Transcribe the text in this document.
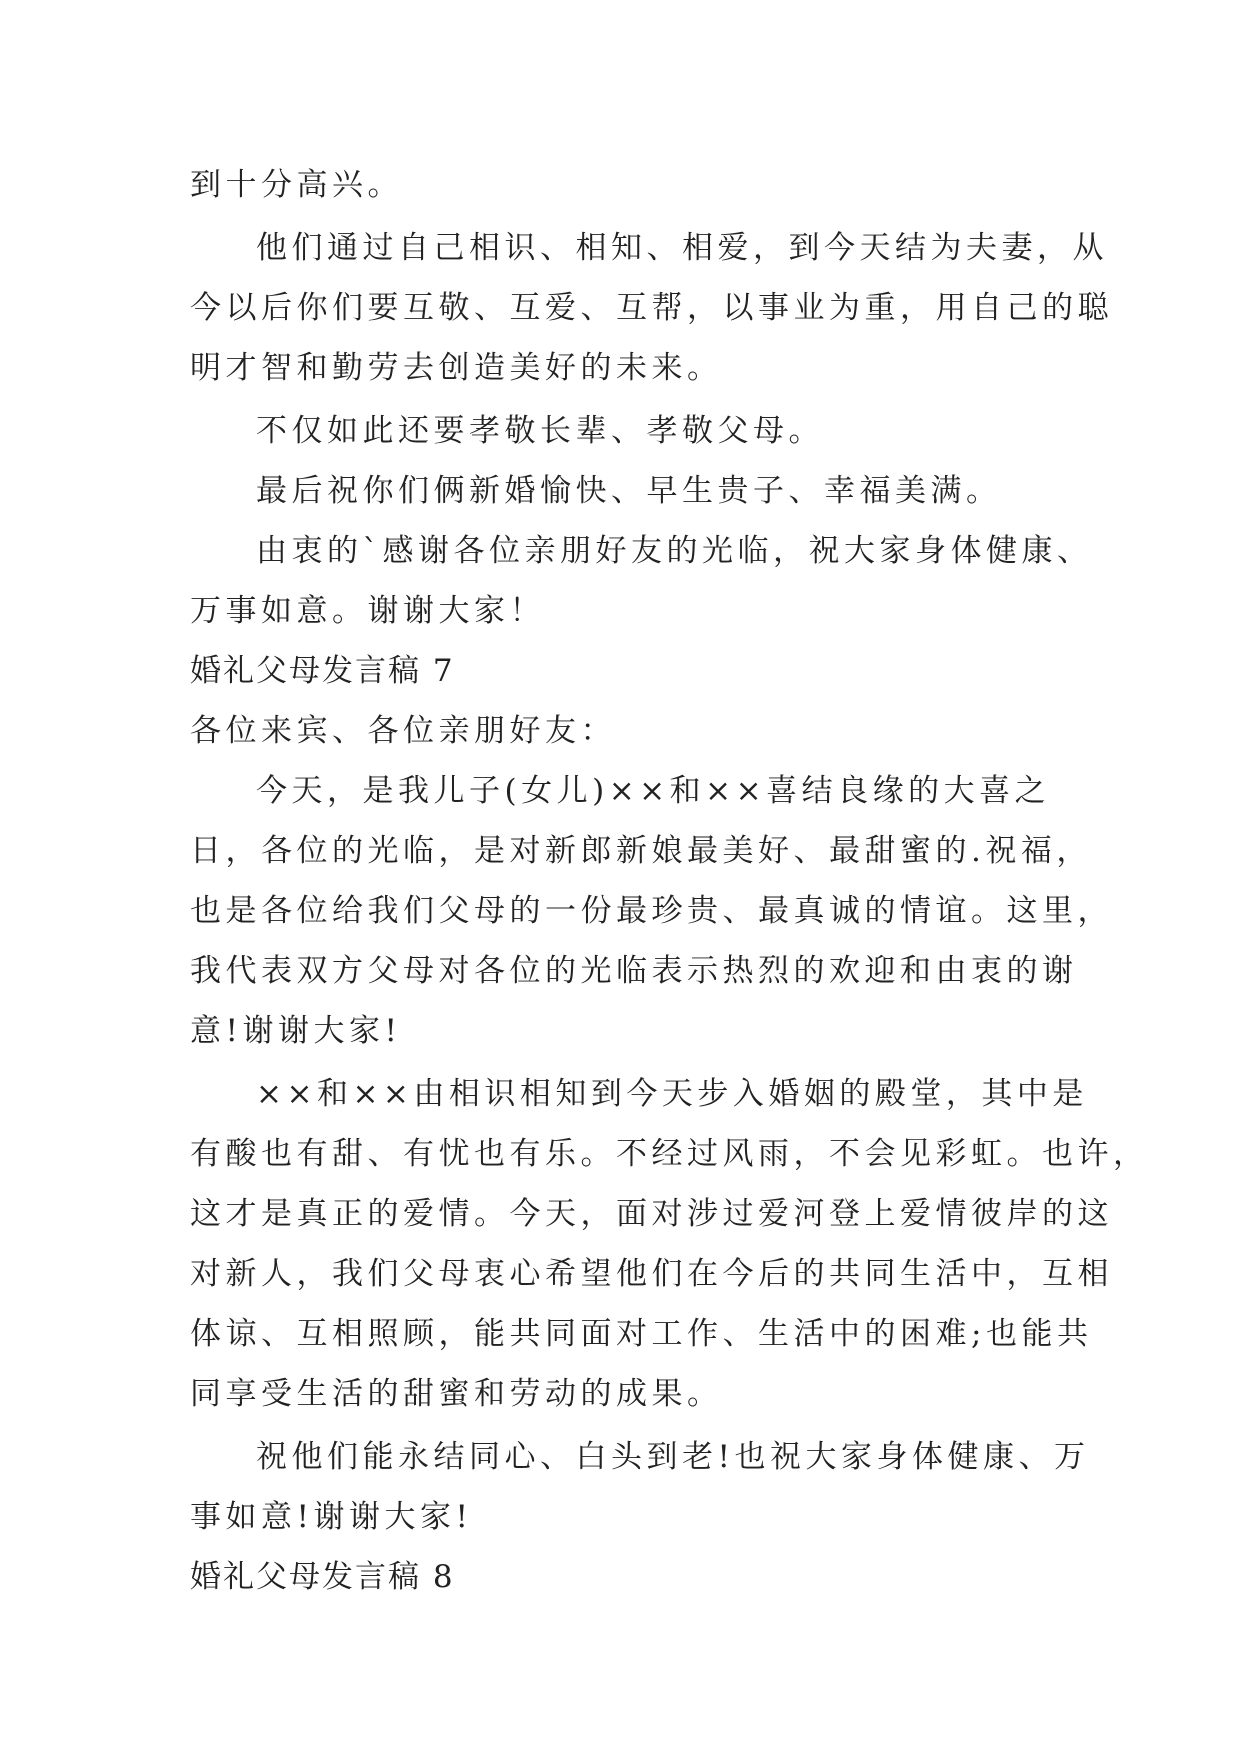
到十分高兴。
他们通过自己相识、相知、相爱，到今天结为夫妻，从
今以后你们要互敬、互爱、互帮，以事业为重，用自己的聪
明才智和勤劳去创造美好的未来。
不仅如此还要孝敬长辈、孝敬父母。
最后祝你们俩新婚愉快、早生贵子、幸福美满。
由衷的`感谢各位亲朋好友的光临，祝大家身体健康、
万事如意。谢谢大家！
婚礼父母发言稿 7
各位来宾、各位亲朋好友：
今天，是我儿子(女儿)××和××喜结良缘的大喜之
日，各位的光临，是对新郎新娘最美好、最甜蜜的.祝福，
也是各位给我们父母的一份最珍贵、最真诚的情谊。这里，
我代表双方父母对各位的光临表示热烈的欢迎和由衷的谢
意!谢谢大家!
××和××由相识相知到今天步入婚姻的殿堂，其中是
有酸也有甜、有忧也有乐。不经过风雨，不会见彩虹。也许，
这才是真正的爱情。今天，面对涉过爱河登上爱情彼岸的这
对新人，我们父母衷心希望他们在今后的共同生活中，互相
体谅、互相照顾，能共同面对工作、生活中的困难;也能共
同享受生活的甜蜜和劳动的成果。
祝他们能永结同心、白头到老!也祝大家身体健康、万
事如意!谢谢大家!
婚礼父母发言稿 8
